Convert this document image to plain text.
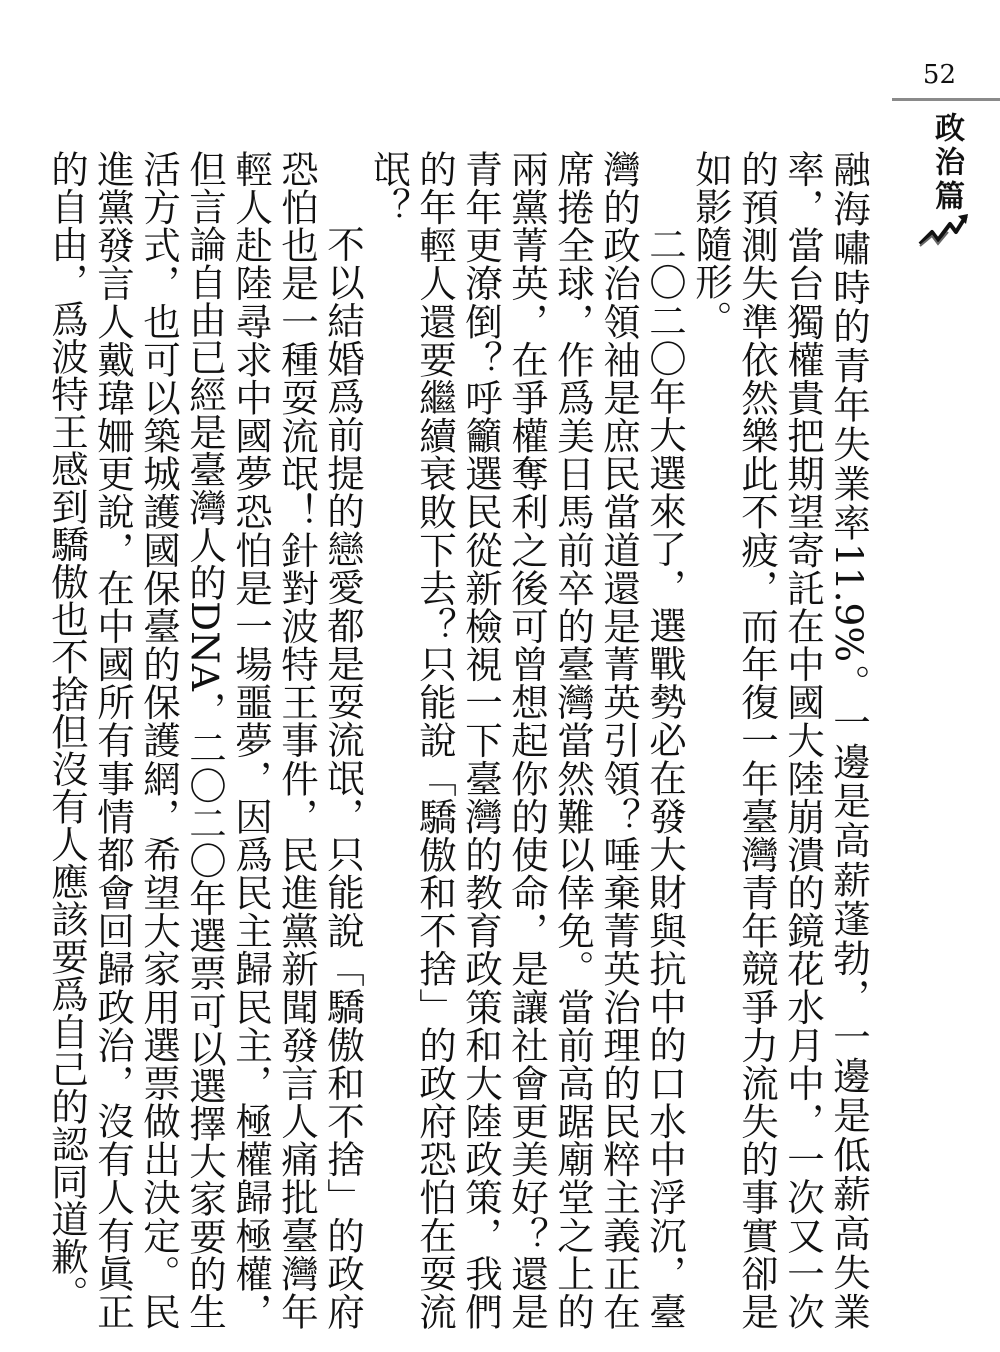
52
政治篇

融海嘯時的青年失業率11.9%。一邊是高薪蓬勃，一邊是低薪高失業率，當台獨權貴把期望寄託在中國大陸崩潰的鏡花水月中，一次又一次的預測失準依然樂此不疲，而年復一年臺灣青年競爭力流失的事實卻是如影隨形。

二〇二〇年大選來了，選戰勢必在發大財與抗中的口水中浮沉，臺灣的政治領袖是庶民當道還是菁英引領？唾棄菁英治理的民粹主義正在席捲全球，作爲美日馬前卒的臺灣當然難以倖免。當前高踞廟堂之上的兩黨菁英，在爭權奪利之後可曾想起你的使命，是讓社會更美好？還是青年更潦倒？呼籲選民從新檢視一下臺灣的教育政策和大陸政策，我們的年輕人還要繼續衰敗下去？只能說「驕傲和不捨」的政府恐怕在耍流氓？

不以結婚爲前提的戀愛都是耍流氓，只能說「驕傲和不捨」的政府恐怕也是一種耍流氓！針對波特王事件，民進黨新聞發言人痛批臺灣年輕人赴陸尋求中國夢恐怕是一場噩夢，因爲民主歸民主，極權歸極權，但言論自由已經是臺灣人的DNA，二〇二〇年選票可以選擇大家要的生活方式，也可以築城護國保臺的保護網，希望大家用選票做出決定。民進黨發言人戴瑋姍更說，在中國所有事情都會回歸政治，沒有人有眞正的自由，爲波特王感到驕傲也不捨但沒有人應該要爲自己的認同道歉。
